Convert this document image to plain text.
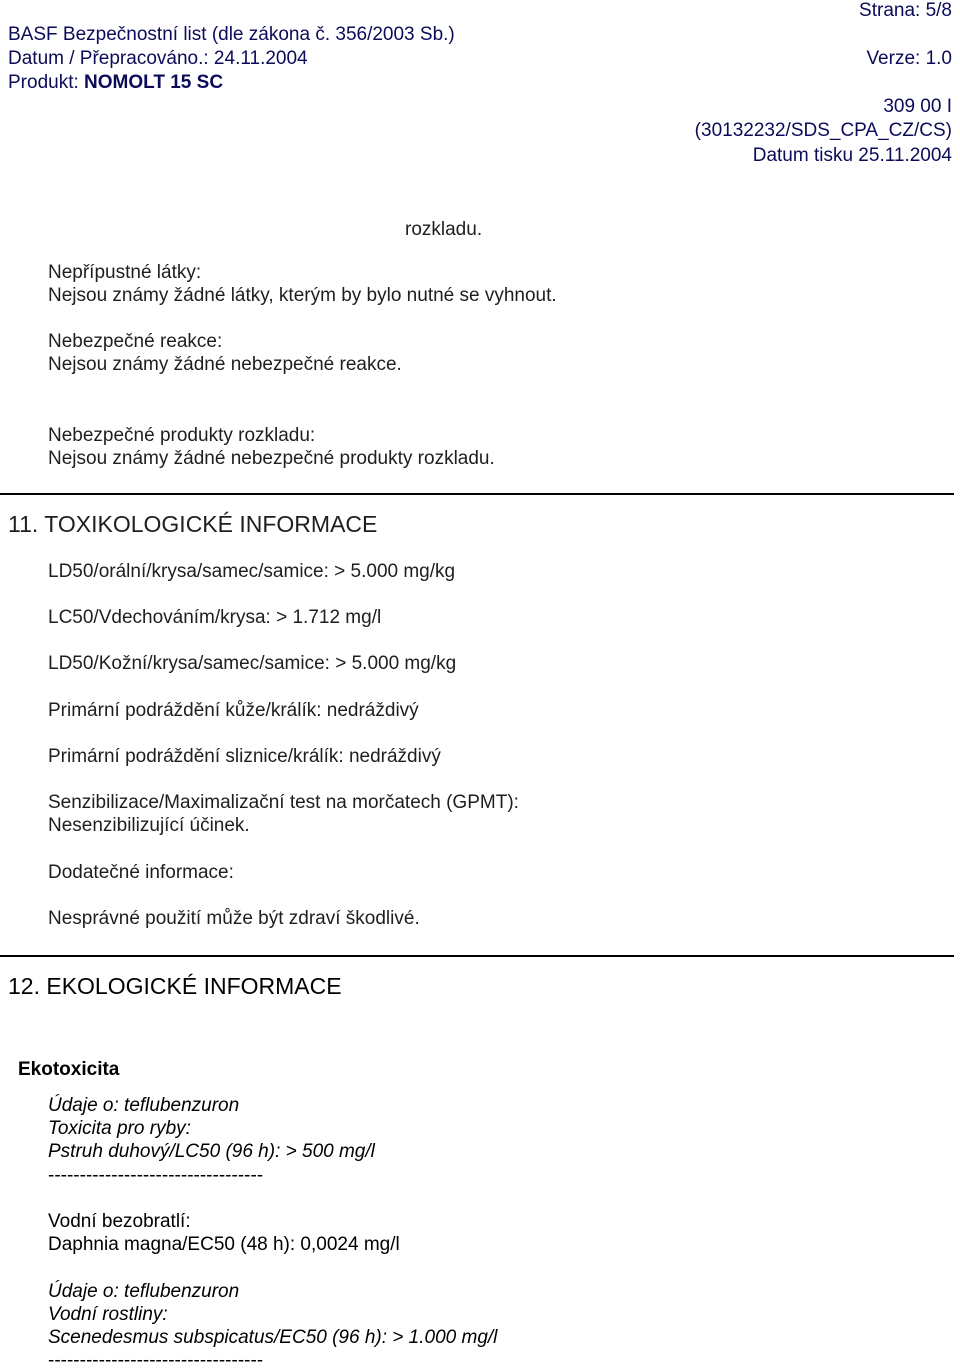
Strana: 5/8
BASF Bezpečnostní list (dle zákona č. 356/2003 Sb.)
Datum / Přepracováno.: 24.11.2004	Verze: 1.0
Produkt: NOMOLT 15 SC
309 00 I
(30132232/SDS_CPA_CZ/CS)
Datum tisku 25.11.2004
rozkladu.
Nepřípustné látky:
Nejsou známy žádné látky, kterým by bylo nutné se vyhnout.
Nebezpečné reakce:
Nejsou známy žádné nebezpečné reakce.
Nebezpečné produkty rozkladu:
Nejsou známy žádné nebezpečné produkty rozkladu.
11. TOXIKOLOGICKÉ INFORMACE
LD50/orální/krysa/samec/samice: > 5.000 mg/kg
LC50/Vdechováním/krysa: > 1.712 mg/l
LD50/Kožní/krysa/samec/samice: > 5.000 mg/kg
Primární podráždění kůže/králík: nedráždivý
Primární podráždění sliznice/králík: nedráždivý
Senzibilizace/Maximalizační test na morčatech (GPMT):
Nesenzibilizující účinek.
Dodatečné informace:
Nesprávné použití může být zdraví škodlivé.
12. EKOLOGICKÉ INFORMACE
Ekotoxicita
Údaje o: teflubenzuron
Toxicita pro ryby:
Pstruh duhový/LC50 (96 h): > 500 mg/l
----------------------------------
Vodní bezobratlí:
Daphnia magna/EC50 (48 h): 0,0024 mg/l
Údaje o: teflubenzuron
Vodní rostliny:
Scenedesmus subspicatus/EC50 (96 h): > 1.000 mg/l
----------------------------------
